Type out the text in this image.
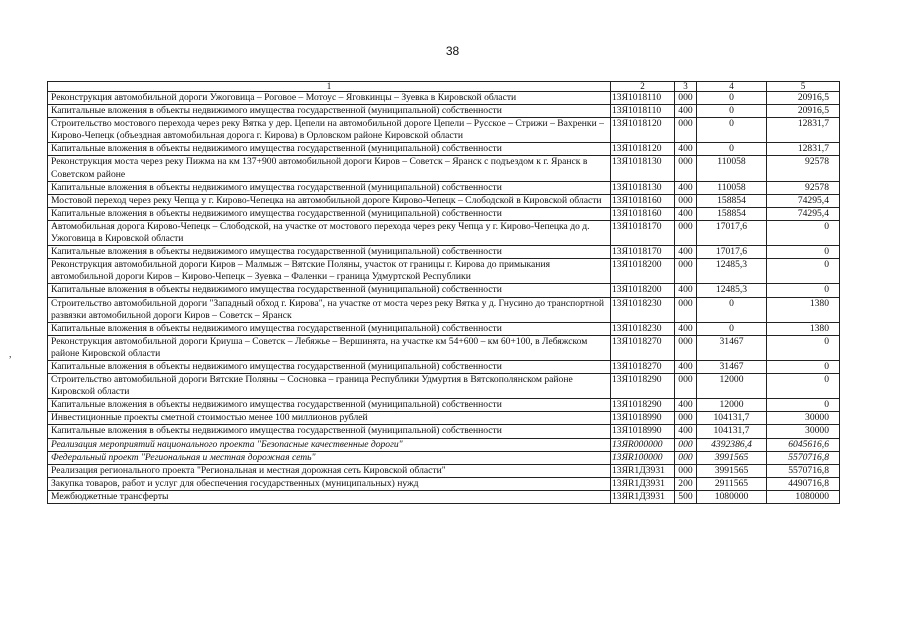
38
,
1	2	3	4	5
Реконструкция автомобильной дороги Ужоговица – Роговое – Мотоус – Яговкинцы – Зуевка в Кировской области	13Я1018110	000	0	20916,5
Капитальные вложения в объекты недвижимого имущества государственной (муниципальной) собственности	13Я1018110	400	0	20916,5
Строительство мостового перехода через реку Вятка у дер. Цепели на автомобильной дороге Цепели – Русское – Стрижи – Вахренки – Кирово-Чепецк (объездная автомобильная дорога г. Кирова) в Орловском районе Кировской области	13Я1018120	000	0	12831,7
Капитальные вложения в объекты недвижимого имущества государственной (муниципальной) собственности	13Я1018120	400	0	12831,7
Реконструкция моста через реку Пижма на км 137+900 автомобильной дороги Киров – Советск – Яранск с подъездом к г. Яранск в Советском районе	13Я1018130	000	110058	92578
Капитальные вложения в объекты недвижимого имущества государственной (муниципальной) собственности	13Я1018130	400	110058	92578
Мостовой переход через реку Чепца у г. Кирово-Чепецка на автомобильной дороге Кирово-Чепецк – Слободской в Кировской области	13Я1018160	000	158854	74295,4
Капитальные вложения в объекты недвижимого имущества государственной (муниципальной) собственности	13Я1018160	400	158854	74295,4
Автомобильная дорога Кирово-Чепецк – Слободской, на участке от мостового перехода через реку Чепца у г. Кирово-Чепецка до д. Ужоговица в Кировской области	13Я1018170	000	17017,6	0
Капитальные вложения в объекты недвижимого имущества государственной (муниципальной) собственности	13Я1018170	400	17017,6	0
Реконструкция автомобильной дороги Киров – Малмыж – Вятские Поляны, участок от границы г. Кирова до примыкания автомобильной дороги Киров – Кирово-Чепецк – Зуевка – Фаленки – граница Удмуртской Республики	13Я1018200	000	12485,3	0
Капитальные вложения в объекты недвижимого имущества государственной (муниципальной) собственности	13Я1018200	400	12485,3	0
Строительство автомобильной дороги "Западный обход г. Кирова", на участке от моста через реку Вятка у д. Гнусино до транспортной развязки автомобильной дороги Киров – Советск – Яранск	13Я1018230	000	0	1380
Капитальные вложения в объекты недвижимого имущества государственной (муниципальной) собственности	13Я1018230	400	0	1380
Реконструкция автомобильной дороги Криуша – Советск – Лебяжье – Вершинята, на участке км 54+600 – км 60+100, в Лебяжском районе Кировской области	13Я1018270	000	31467	0
Капитальные вложения в объекты недвижимого имущества государственной (муниципальной) собственности	13Я1018270	400	31467	0
Строительство автомобильной дороги Вятские Поляны – Сосновка – граница Республики Удмуртия в Вятскополянском районе Кировской области	13Я1018290	000	12000	0
Капитальные вложения в объекты недвижимого имущества государственной (муниципальной) собственности	13Я1018290	400	12000	0
Инвестиционные проекты сметной стоимостью менее 100 миллионов рублей	13Я1018990	000	104131,7	30000
Капитальные вложения в объекты недвижимого имущества государственной (муниципальной) собственности	13Я1018990	400	104131,7	30000
Реализация мероприятий национального проекта "Безопасные качественные дороги"	13ЯR000000	000	4392386,4	6045616,6
Федеральный проект "Региональная и местная дорожная сеть"	13ЯR100000	000	3991565	5570716,8
Реализация регионального проекта "Региональная и местная дорожная сеть Кировской области"	13ЯR1Д3931	000	3991565	5570716,8
Закупка товаров, работ и услуг для обеспечения государственных (муниципальных) нужд	13ЯR1Д3931	200	2911565	4490716,8
Межбюджетные трансферты	13ЯR1Д3931	500	1080000	1080000
